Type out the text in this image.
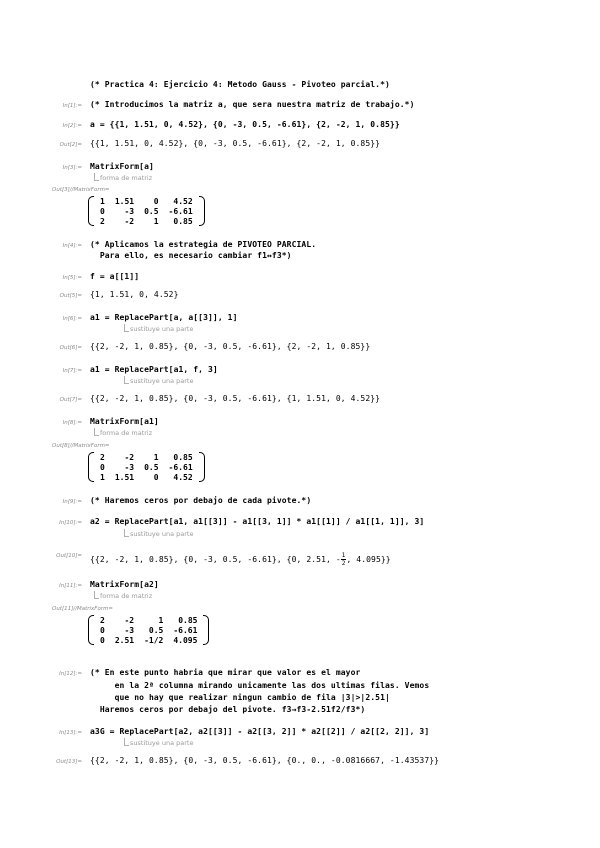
(* Practica 4: Ejercicio 4: Metodo Gauss - Pivoteo parcial.*)
In[1]:= (* Introducimos la matriz a, que sera nuestra matriz de trabajo.*)
In[2]:= a = {{1, 1.51, 0, 4.52}, {0, -3, 0.5, -6.61}, {2, -2, 1, 0.85}}
Out[2]= {{1, 1.51, 0, 4.52}, {0, -3, 0.5, -6.61}, {2, -2, 1, 0.85}}
In[3]:= MatrixForm[a]
forma de matriz
Out[3]//MatrixForm=
1	1.51	0	4.52
0	-3	0.5	-6.61
2	-2	1	0.85
In[4]:= (* Aplicamos la estrategia de PIVOTEO PARCIAL.
Para ello, es necesario cambiar f1↔f3*)
In[5]:= f = a[[1]]
Out[5]= {1, 1.51, 0, 4.52}
In[6]:= a1 = ReplacePart[a, a[[3]], 1]
sustituye una parte
Out[6]= {{2, -2, 1, 0.85}, {0, -3, 0.5, -6.61}, {2, -2, 1, 0.85}}
In[7]:= a1 = ReplacePart[a1, f, 3]
sustituye una parte
Out[7]= {{2, -2, 1, 0.85}, {0, -3, 0.5, -6.61}, {1, 1.51, 0, 4.52}}
In[8]:= MatrixForm[a1]
forma de matriz
Out[8]//MatrixForm=
2	-2	1	0.85
0	-3	0.5	-6.61
1	1.51	0	4.52
In[9]:= (* Haremos ceros por debajo de cada pivote.*)
In[10]:= a2 = ReplacePart[a1, a1[[3]] - a1[[3, 1]] * a1[[1]] / a1[[1, 1]], 3]
sustituye una parte
Out[10]= {{2, -2, 1, 0.85}, {0, -3, 0.5, -6.61}, {0, 2.51, - $\frac{1}{2}$ , 4.095}}
In[11]:= MatrixForm[a2]
forma de matriz
Out[11]//MatrixForm=
2	-2	1	0.85
0	-3	0.5	-6.61
0	2.51	-1/2	4.095
In[12]:= (* En este punto habria que mirar que valor es el mayor
en la 2ª columna mirando unicamente las dos ultimas filas. Vemos
que no hay que realizar ningun cambio de fila |3|>|2.51|
Haremos ceros por debajo del pivote. f3→f3-2.51f2/f3*)
In[13]:= a3G = ReplacePart[a2, a2[[3]] - a2[[3, 2]] * a2[[2]] / a2[[2, 2]], 3]
sustituye una parte
Out[13]= {{2, -2, 1, 0.85}, {0, -3, 0.5, -6.61}, {0., 0., -0.0816667, -1.43537}}
